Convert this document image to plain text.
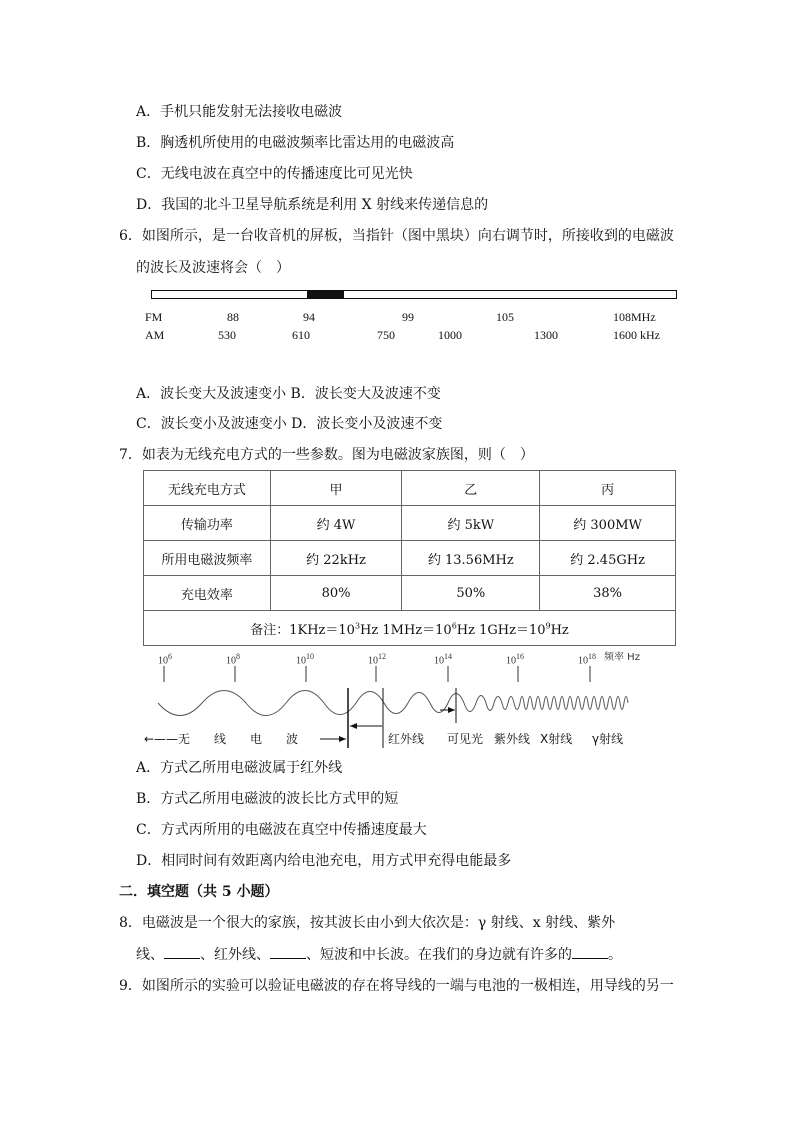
A．手机只能发射无法接收电磁波
B．胸透机所使用的电磁波频率比雷达用的电磁波高
C．无线电波在真空中的传播速度比可见光快
D．我国的北斗卫星导航系统是利用 X 射线来传递信息的
6．如图所示，是一台收音机的屏板，当指针（图中黑块）向右调节时，所接收到的电磁波
的波长及波速将会（　）
FM	88	94	99	105	108MHz
AM	530	610	750	1000	1300	1600 kHz
A．波长变大及波速变小 B．波长变大及波速不变
C．波长变小及波速变小 D．波长变小及波速不变
7．如表为无线充电方式的一些参数。图为电磁波家族图，则（　）
无线充电方式	甲	乙	丙
传输功率	约 4W	约 5kW	约 300MW
所用电磁波频率	约 22kHz	约 13.56MHz	约 2.45GHz
充电效率	80%	50%	38%
备注：$1KHz=10^3Hz$ $1MHz=10^6Hz$ $1GHz=10^9Hz$			
$10^6$	$10^8$	$10^{10}$	$10^{12}$	$10^{14}$	$10^{16}$	$10^{18}$ 频率 Hz
←——无　　线　　电　　波	红外线 可见光 紫外线 X射线 γ射线
A．方式乙所用电磁波属于红外线
B．方式乙所用电磁波的波长比方式甲的短
C．方式丙所用的电磁波在真空中传播速度最大
D．相同时间有效距离内给电池充电，用方式甲充得电能最多
二．填空题（共 5 小题）
8．电磁波是一个很大的家族，按其波长由小到大依次是：γ 射线、x 射线、紫外
线、	、红外线、	、短波和中长波。在我们的身边就有许多的	。
9．如图所示的实验可以验证电磁波的存在将导线的一端与电池的一极相连，用导线的另一
